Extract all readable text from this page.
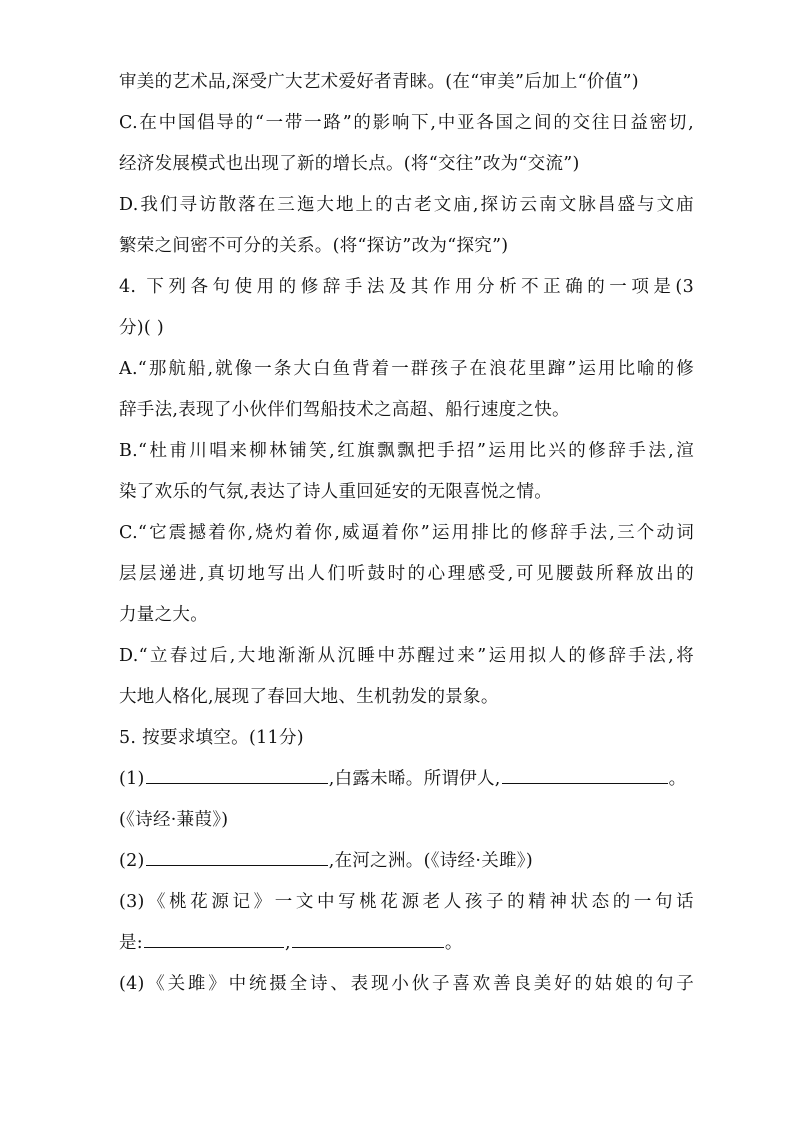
审美的艺术品,深受广大艺术爱好者青睐。(在“审美”后加上“价值”)
C.在中国倡导的“一带一路”的影响下,中亚各国之间的交往日益密切,
经济发展模式也出现了新的增长点。(将“交往”改为“交流”)
D.我们寻访散落在三迤大地上的古老文庙,探访云南文脉昌盛与文庙
繁荣之间密不可分的关系。(将“探访”改为“探究”)
4. 下列各句使用的修辞手法及其作用分析不正确的一项是(3
分)( )
A.“那航船,就像一条大白鱼背着一群孩子在浪花里蹿”运用比喻的修
辞手法,表现了小伙伴们驾船技术之高超、船行速度之快。
B.“杜甫川唱来柳林铺笑,红旗飘飘把手招”运用比兴的修辞手法,渲
染了欢乐的气氛,表达了诗人重回延安的无限喜悦之情。
C.“它震撼着你,烧灼着你,威逼着你”运用排比的修辞手法,三个动词
层层递进,真切地写出人们听鼓时的心理感受,可见腰鼓所释放出的
力量之大。
D.“立春过后,大地渐渐从沉睡中苏醒过来”运用拟人的修辞手法,将
大地人格化,展现了春回大地、生机勃发的景象。
5. 按要求填空。(11分)
(1)	,白露未晞。所谓伊人,	。
(《诗经·蒹葭》)
(2)	,在河之洲。(《诗经·关雎》)
(3)《桃花源记》一文中写桃花源老人孩子的精神状态的一句话
是:	,	。
(4)《关雎》中统摄全诗、表现小伙子喜欢善良美好的姑娘的句子
